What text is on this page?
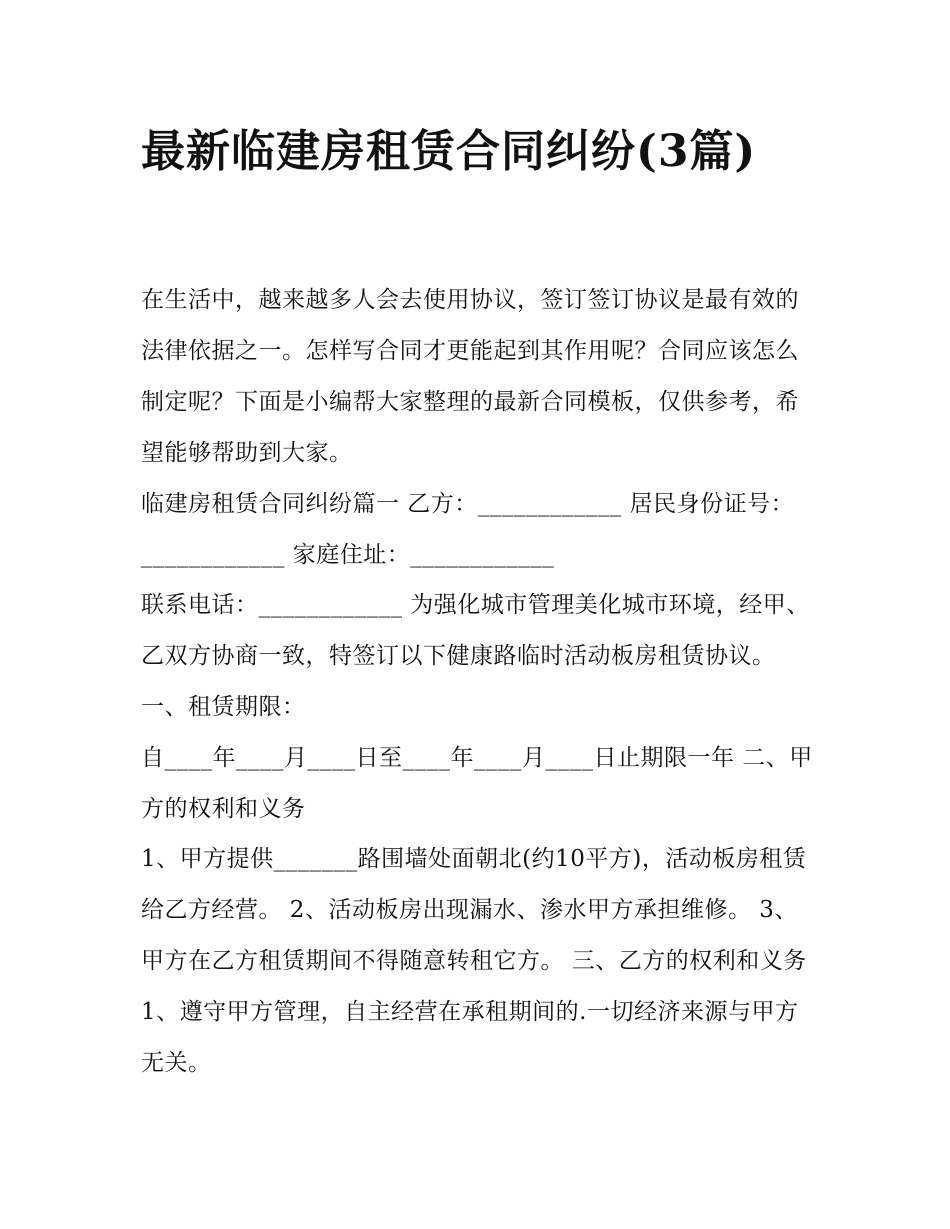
最新临建房租赁合同纠纷(3篇)

在生活中，越来越多人会去使用协议，签订签订协议是最有效的法律依据之一。怎样写合同才更能起到其作用呢？合同应该怎么制定呢？下面是小编帮大家整理的最新合同模板，仅供参考，希望能够帮助到大家。

临建房租赁合同纠纷篇一 乙方：____________ 居民身份证号：____________ 家庭住址：____________

联系电话：____________ 为强化城市管理美化城市环境，经甲、乙双方协商一致，特签订以下健康路临时活动板房租赁协议。 一、租赁期限：

自____年____月____日至____年____月____日止期限一年 二、甲方的权利和义务

1、甲方提供_______路围墙处面朝北(约10平方)，活动板房租赁给乙方经营。 2、活动板房出现漏水、渗水甲方承担维修。 3、甲方在乙方租赁期间不得随意转租它方。 三、乙方的权利和义务 1、遵守甲方管理，自主经营在承租期间的.一切经济来源与甲方无关。
